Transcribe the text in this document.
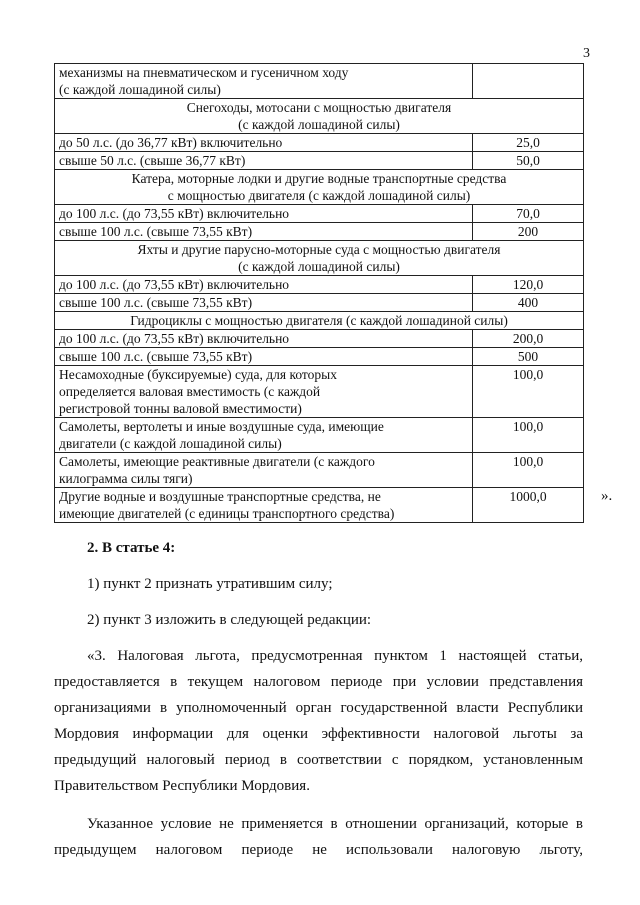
3
механизмы на пневматическом и гусеничном ходу
(с каждой лошадиной силы)	
Снегоходы, мотосани с мощностью двигателя
(с каждой лошадиной силы)	
до 50 л.с. (до 36,77 кВт) включительно	25,0
свыше 50 л.с. (свыше 36,77 кВт)	50,0
Катера, моторные лодки и другие водные транспортные средства
с мощностью двигателя (с каждой лошадиной силы)	
до 100 л.с. (до 73,55 кВт) включительно	70,0
свыше 100 л.с. (свыше 73,55 кВт)	200
Яхты и другие парусно-моторные суда с мощностью двигателя
(с каждой лошадиной силы)	
до 100 л.с. (до 73,55 кВт) включительно	120,0
свыше 100 л.с. (свыше 73,55 кВт)	400
Гидроциклы с мощностью двигателя (с каждой лошадиной силы)	
до 100 л.с. (до 73,55 кВт) включительно	200,0
свыше 100 л.с. (свыше 73,55 кВт)	500
Несамоходные (буксируемые) суда, для которых
определяется валовая вместимость (с каждой
регистровой тонны валовой вместимости)	100,0
Самолеты, вертолеты и иные воздушные суда, имеющие
двигатели (с каждой лошадиной силы)	100,0
Самолеты, имеющие реактивные двигатели (с каждого
килограмма силы тяги)	100,0
Другие водные и воздушные транспортные средства, не
имеющие двигателей (с единицы транспортного средства)	1000,0	».

2. В статье 4:

1) пункт 2 признать утратившим силу;

2) пункт 3 изложить в следующей редакции:

«3. Налоговая льгота, предусмотренная пунктом 1 настоящей статьи,
предоставляется в текущем налоговом периоде при условии представления
организациями в уполномоченный орган государственной власти Республики
Мордовия информации для оценки эффективности налоговой льготы за
предыдущий налоговый период в соответствии с порядком, установленным
Правительством Республики Мордовия.
Указанное условие не применяется в отношении организаций, которые в
предыдущем налоговом периоде не использовали налоговую льготу,
